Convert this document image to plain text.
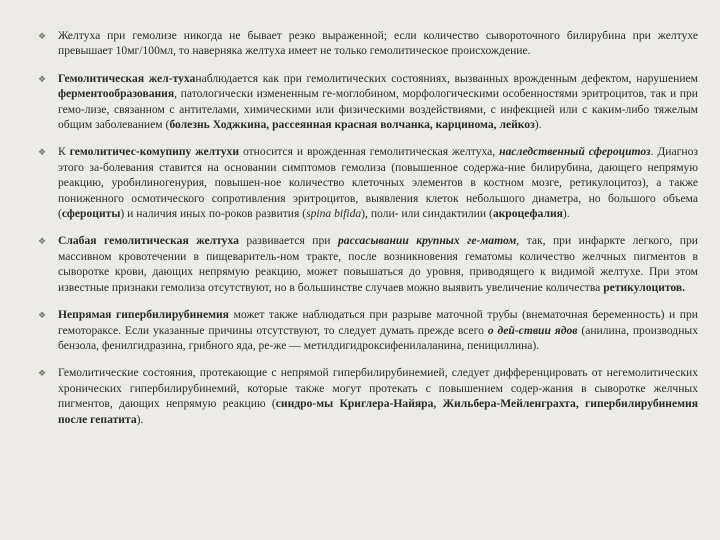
❖ Желтуха при гемолизе никогда не бывает резко выраженной; если количество сывороточного билирубина при желтухе превышает 10мг/100мл, то наверняка желтуха имеет не только гемолитическое происхождение.
❖ Гемолитическая жел-туханаблюдается как при гемолитических состояниях, вызванных врожденным дефектом, нарушением ферментообразования, патологически измененным ге-моглобином, морфологическими особенностями эритроцитов, так и при гемо-лизе, связанном с антителами, химическими или физическими воздействиями, с инфекцией или с каким-либо тяжелым общим заболеванием (болезнь Ходжкина, рассеянная красная волчанка, карцинома, лейкоз).
❖ К гемолитичес-комупипу желтухи относится и врожденная гемолитическая желтуха, наследственный сфероцитоз. Диагноз этого за-болевания ставится на основании симптомов гемолиза (повышенное содержа-ние билирубина, дающего непрямую реакцию, уробилиногенурия, повышен-ное количество клеточных элементов в костном мозге, ретикулоцитоз), а также пониженного осмотического сопротивления эритроцитов, выявления клеток небольшого диаметра, но большого объема (сфероциты) и наличия иных по-роков развития (spina bifida), поли- или синдактилии (акроцефалия).
❖ Слабая гемолитическая желтуха развивается при рассасывании крупных ге-матом, так, при инфаркте легкого, при массивном кровотечении в пищеваритель-ном тракте, после возникновения гематомы количество желчных пигментов в сыворотке крови, дающих непрямую реакцию, может повышаться до уровня, приводящего к видимой желтухе. При этом известные признаки гемолиза отсутствуют, но в большинстве случаев можно выявить увеличение количества ретикулоцитов.
❖ Непрямая гипербилирубинемия может также наблюдаться при разрыве маточной трубы (внематочная беременность) и при гемотораксе. Если указанные причины отсутствуют, то следует думать прежде всего о дей-ствии ядов (анилина, производных бензола, фенилгидразина, грибного яда, ре-же — метилдигидроксифенилаланина, пенициллина).
❖ Гемолитические состояния, протекающие с непрямой гипербилирубинемией, следует дифференцировать от негемолитических хронических гипербилирубинемий, которые также могут протекать с повышением содер-жания в сыворотке желчных пигментов, дающих непрямую реакцию (синдро-мы Криглера-Найяра, Жильбера-Мейленграхта, гипербилирубинемия после гепатита).
